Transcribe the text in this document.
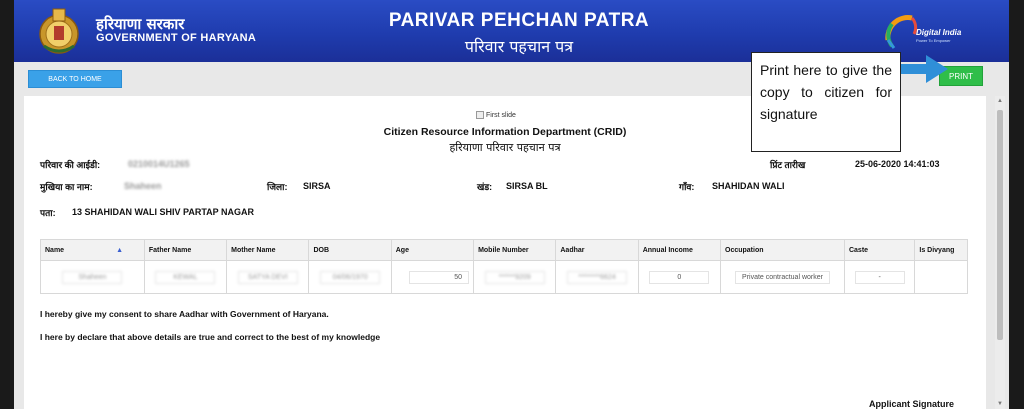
हरियाणा सरकार
GOVERNMENT OF HARYANA
PARIVAR PEHCHAN PATRA
परिवार पहचान पत्र
Digital India
Power To Empower
BACK TO HOME	PRINT
First slide
Citizen Resource Information Department (CRID)
हरियाणा परिवार पहचान पत्र
परिवार की आईडी:	0210014U1265	प्रिंट तारीख	25-06-2020 14:41:03
मुखिया का नाम:	Shaheen	जिला: SIRSA	खंड: SIRSA BL	गाँव: SHAHIDAN WALI
पता: 13 SHAHIDAN WALI SHIV PARTAP NAGAR
Name ▲	Father Name	Mother Name	DOB	Age	Mobile Number	Aadhar	Annual Income	Occupation	Caste	Is Divyang
Shaheen	KEWAL	SATYA DEVI	04/06/1970	50	******9209	********6624	0	Private contractual worker	-	
I hereby give my consent to share Aadhar with Government of Haryana.
I here by declare that above details are true and correct to the best of my knowledge
Applicant Signature
▲
▼
Print here to give the copy to citizen for signature
